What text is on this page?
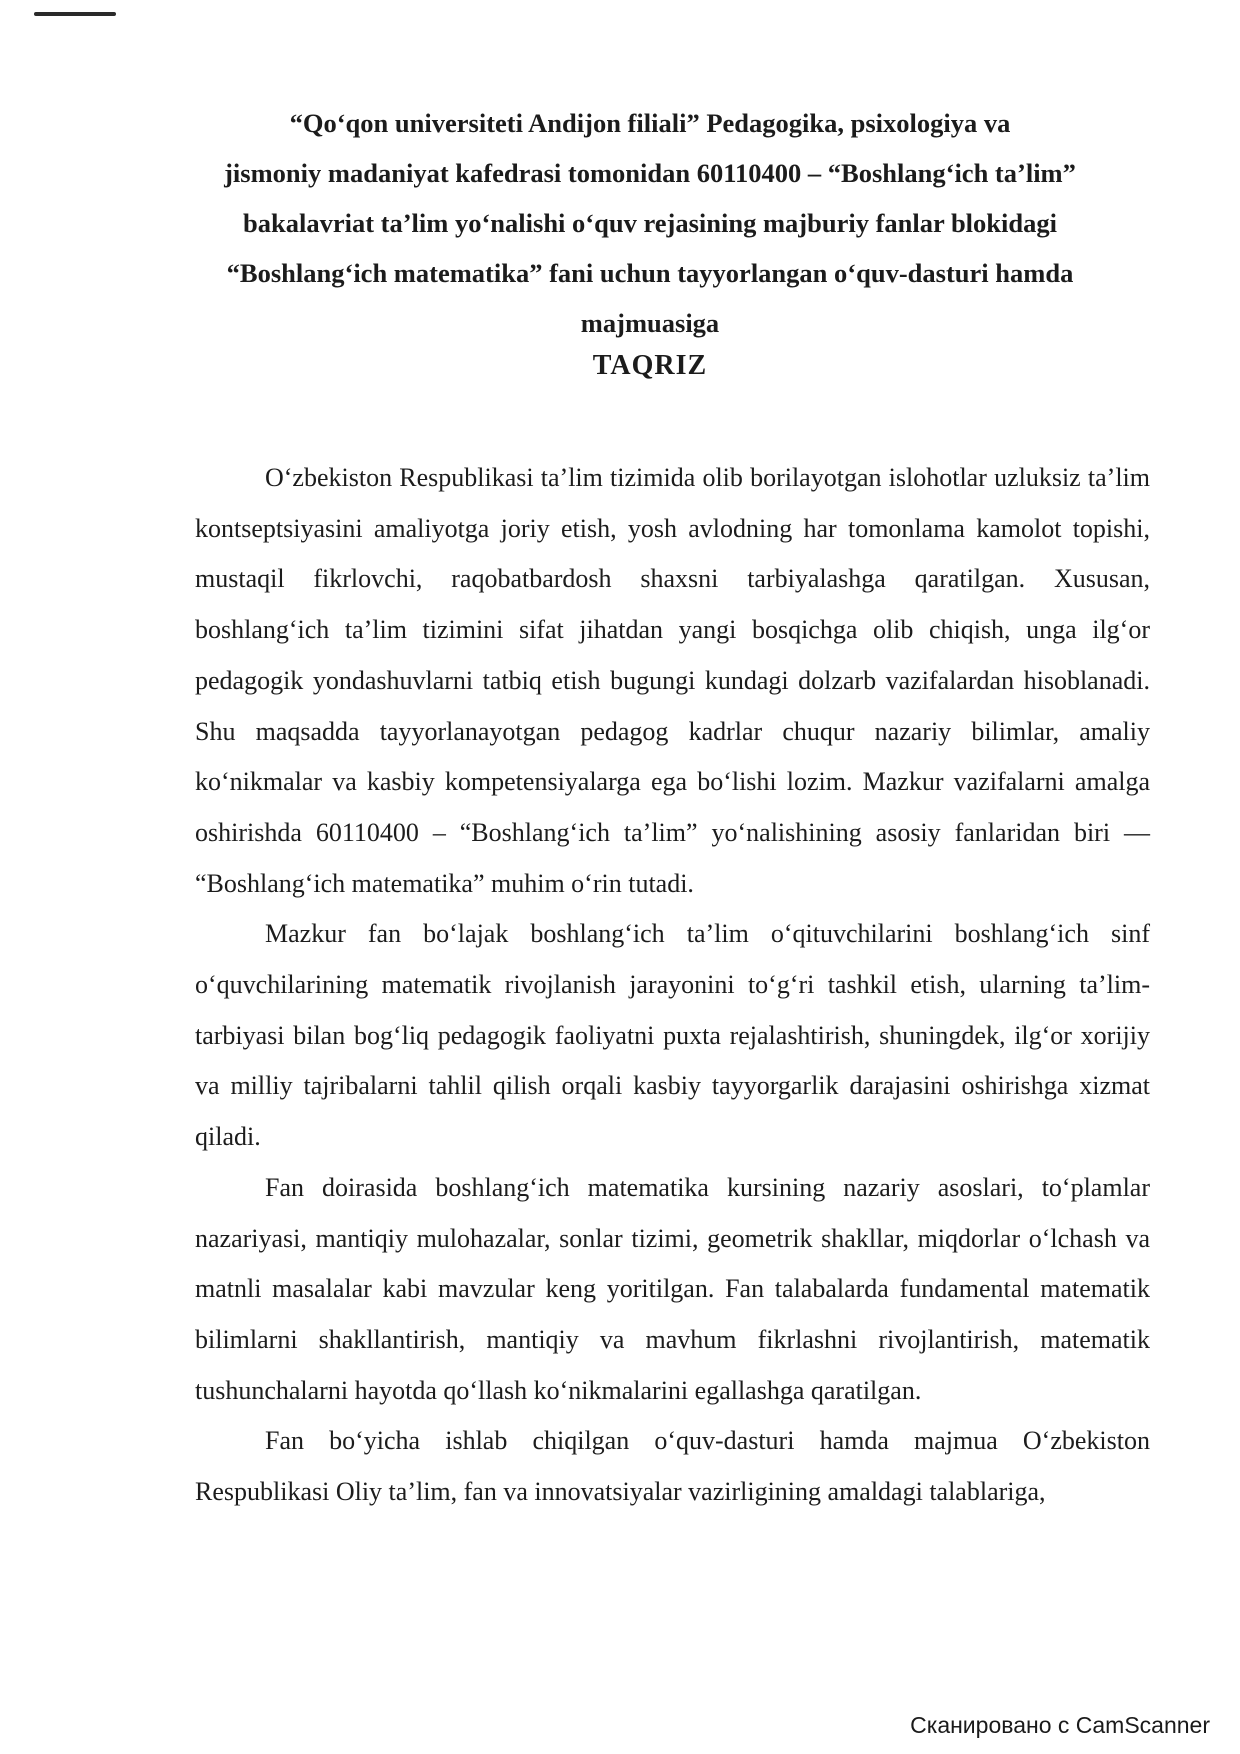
“Qo‘qon universiteti Andijon filiali” Pedagogika, psixologiya va
jismoniy madaniyat kafedrasi tomonidan 60110400 – “Boshlang‘ich ta’lim”
bakalavriat ta’lim yo‘nalishi o‘quv rejasining majburiy fanlar blokidagi
“Boshlang‘ich matematika” fani uchun tayyorlangan o‘quv-dasturi hamda
majmuasiga
TAQRIZ

O‘zbekiston Respublikasi ta’lim tizimida olib borilayotgan islohotlar uzluksiz ta’lim kontseptsiyasini amaliyotga joriy etish, yosh avlodning har tomonlama kamolot topishi, mustaqil fikrlovchi, raqobatbardosh shaxsni tarbiyalashga qaratilgan. Xususan, boshlang‘ich ta’lim tizimini sifat jihatdan yangi bosqichga olib chiqish, unga ilg‘or pedagogik yondashuvlarni tatbiq etish bugungi kundagi dolzarb vazifalardan hisoblanadi. Shu maqsadda tayyorlanayotgan pedagog kadrlar chuqur nazariy bilimlar, amaliy ko‘nikmalar va kasbiy kompetensiyalarga ega bo‘lishi lozim. Mazkur vazifalarni amalga oshirishda 60110400 – “Boshlang‘ich ta’lim” yo‘nalishining asosiy fanlaridan biri — “Boshlang‘ich matematika” muhim o‘rin tutadi.

Mazkur fan bo‘lajak boshlang‘ich ta’lim o‘qituvchilarini boshlang‘ich sinf o‘quvchilarining matematik rivojlanish jarayonini to‘g‘ri tashkil etish, ularning ta’lim-tarbiyasi bilan bog‘liq pedagogik faoliyatni puxta rejalashtirish, shuningdek, ilg‘or xorijiy va milliy tajribalarni tahlil qilish orqali kasbiy tayyorgarlik darajasini oshirishga xizmat qiladi.

Fan doirasida boshlang‘ich matematika kursining nazariy asoslari, to‘plamlar nazariyasi, mantiqiy mulohazalar, sonlar tizimi, geometrik shakllar, miqdorlar o‘lchash va matnli masalalar kabi mavzular keng yoritilgan. Fan talabalarda fundamental matematik bilimlarni shakllantirish, mantiqiy va mavhum fikrlashni rivojlantirish, matematik tushunchalarni hayotda qo‘llash ko‘nikmalarini egallashga qaratilgan.

Fan bo‘yicha ishlab chiqilgan o‘quv-dasturi hamda majmua O‘zbekiston Respublikasi Oliy ta’lim, fan va innovatsiyalar vazirligining amaldagi talablariga,

Сканировано с CamScanner
